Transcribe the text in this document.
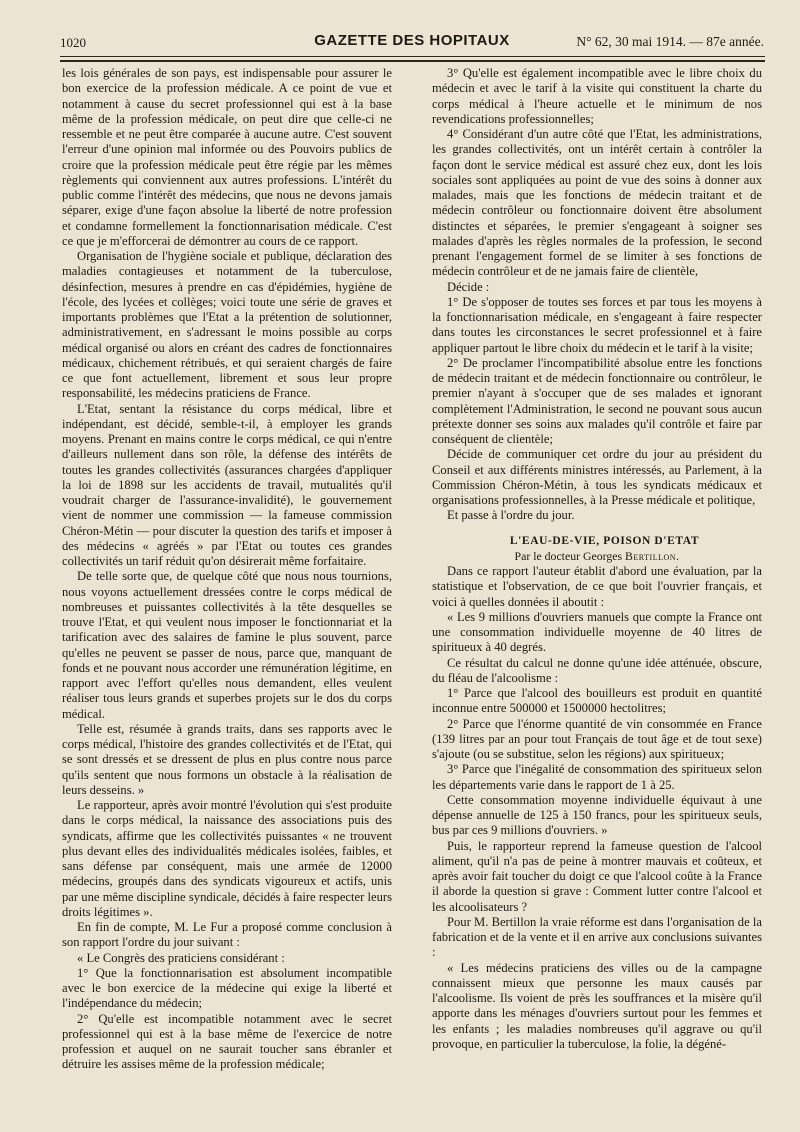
1020	GAZETTE DES HOPITAUX	N° 62, 30 mai 1914. — 87e année.

les lois générales de son pays, est indispensable pour assurer le bon exercice de la profession médicale. A ce point de vue et notamment à cause du secret professionnel qui est à la base même de la profession médicale, on peut dire que celle-ci ne ressemble et ne peut être comparée à aucune autre. C'est souvent l'erreur d'une opinion mal informée ou des Pouvoirs publics de croire que la profession médicale peut être régie par les mêmes règlements qui conviennent aux autres professions. L'intérêt du public comme l'intérêt des médecins, que nous ne devons jamais séparer, exige d'une façon absolue la liberté de notre profession et condamne formellement la fonctionnarisation médicale. C'est ce que je m'efforcerai de démontrer au cours de ce rapport.

Organisation de l'hygiène sociale et publique, déclaration des maladies contagieuses et notamment de la tuberculose, désinfection, mesures à prendre en cas d'épidémies, hygiène de l'école, des lycées et collèges; voici toute une série de graves et importants problèmes que l'Etat a la prétention de solutionner, administrativement, en s'adressant le moins possible au corps médical organisé ou alors en créant des cadres de fonctionnaires médicaux, chichement rétribués, et qui seraient chargés de faire ce que font actuellement, librement et sous leur propre responsabilité, les médecins praticiens de France.

L'Etat, sentant la résistance du corps médical, libre et indépendant, est décidé, semble-t-il, à employer les grands moyens. Prenant en mains contre le corps médical, ce qui n'entre d'ailleurs nullement dans son rôle, la défense des intérêts de toutes les grandes collectivités (assurances chargées d'appliquer la loi de 1898 sur les accidents de travail, mutualités qu'il voudrait charger de l'assurance-invalidité), le gouvernement vient de nommer une commission — la fameuse commission Chéron-Métin — pour discuter la question des tarifs et imposer à des médecins « agréés » par l'Etat ou toutes ces grandes collectivités un tarif réduit qu'on désirerait même forfaitaire.

De telle sorte que, de quelque côté que nous nous tournions, nous voyons actuellement dressées contre le corps médical de nombreuses et puissantes collectivités à la tête desquelles se trouve l'Etat, et qui veulent nous imposer le fonctionnariat et la tarification avec des salaires de famine le plus souvent, parce qu'elles ne peuvent se passer de nous, parce que, manquant de fonds et ne pouvant nous accorder une rémunération légitime, en rapport avec l'effort qu'elles nous demandent, elles veulent réaliser tous leurs grands et superbes projets sur le dos du corps médical.

Telle est, résumée à grands traits, dans ses rapports avec le corps médical, l'histoire des grandes collectivités et de l'Etat, qui se sont dressés et se dressent de plus en plus contre nous parce qu'ils sentent que nous formons un obstacle à la réalisation de leurs desseins. »

Le rapporteur, après avoir montré l'évolution qui s'est produite dans le corps médical, la naissance des associations puis des syndicats, affirme que les collectivités puissantes « ne trouvent plus devant elles des individualités médicales isolées, faibles, et sans défense par conséquent, mais une armée de 12000 médecins, groupés dans des syndicats vigoureux et actifs, unis par une même discipline syndicale, décidés à faire respecter leurs droits légitimes ».

En fin de compte, M. Le Fur a proposé comme conclusion à son rapport l'ordre du jour suivant :

« Le Congrès des praticiens considérant :

1° Que la fonctionnarisation est absolument incompatible avec le bon exercice de la médecine qui exige la liberté et l'indépendance du médecin;

2° Qu'elle est incompatible notamment avec le secret professionnel qui est à la base même de l'exercice de notre profession et auquel on ne saurait toucher sans ébranler et détruire les assises même de la profession médicale;

3° Qu'elle est également incompatible avec le libre choix du médecin et avec le tarif à la visite qui constituent la charte du corps médical à l'heure actuelle et le minimum de nos revendications professionnelles;

4° Considérant d'un autre côté que l'Etat, les administrations, les grandes collectivités, ont un intérêt certain à contrôler la façon dont le service médical est assuré chez eux, dont les lois sociales sont appliquées au point de vue des soins à donner aux malades, mais que les fonctions de médecin traitant et de médecin contrôleur ou fonctionnaire doivent être absolument distinctes et séparées, le premier s'engageant à soigner ses malades d'après les règles normales de la profession, le second prenant l'engagement formel de se limiter à ses fonctions de médecin contrôleur et de ne jamais faire de clientèle,

Décide :

1° De s'opposer de toutes ses forces et par tous les moyens à la fonctionnarisation médicale, en s'engageant à faire respecter dans toutes les circonstances le secret professionnel et à faire appliquer partout le libre choix du médecin et le tarif à la visite;

2° De proclamer l'incompatibilité absolue entre les fonctions de médecin traitant et de médecin fonctionnaire ou contrôleur, le premier n'ayant à s'occuper que de ses malades et ignorant complètement l'Administration, le second ne pouvant sous aucun prétexte donner ses soins aux malades qu'il contrôle et faire par conséquent de clientèle;

Décide de communiquer cet ordre du jour au président du Conseil et aux différents ministres intéressés, au Parlement, à la Commission Chéron-Métin, à tous les syndicats médicaux et organisations professionnelles, à la Presse médicale et politique,

Et passe à l'ordre du jour.

L'EAU-DE-VIE, POISON D'ETAT

Par le docteur Georges Bertillon.

Dans ce rapport l'auteur établit d'abord une évaluation, par la statistique et l'observation, de ce que boit l'ouvrier français, et voici à quelles données il aboutit :

« Les 9 millions d'ouvriers manuels que compte la France ont une consommation individuelle moyenne de 40 litres de spiritueux à 40 degrés.

Ce résultat du calcul ne donne qu'une idée atténuée, obscure, du fléau de l'alcoolisme :

1° Parce que l'alcool des bouilleurs est produit en quantité inconnue entre 500000 et 1500000 hectolitres;

2° Parce que l'énorme quantité de vin consommée en France (139 litres par an pour tout Français de tout âge et de tout sexe) s'ajoute (ou se substitue, selon les régions) aux spiritueux;

3° Parce que l'inégalité de consommation des spiritueux selon les départements varie dans le rapport de 1 à 25.

Cette consommation moyenne individuelle équivaut à une dépense annuelle de 125 à 150 francs, pour les spiritueux seuls, bus par ces 9 millions d'ouvriers. »

Puis, le rapporteur reprend la fameuse question de l'alcool aliment, qu'il n'a pas de peine à montrer mauvais et coûteux, et après avoir fait toucher du doigt ce que l'alcool coûte à la France il aborde la question si grave : Comment lutter contre l'alcool et les alcoolisateurs ?

Pour M. Bertillon la vraie réforme est dans l'organisation de la fabrication et de la vente et il en arrive aux conclusions suivantes :

« Les médecins praticiens des villes ou de la campagne connaissent mieux que personne les maux causés par l'alcoolisme. Ils voient de près les souffrances et la misère qu'il apporte dans les ménages d'ouvriers surtout pour les femmes et les enfants ; les maladies nombreuses qu'il aggrave ou qu'il provoque, en particulier la tuberculose, la folie, la dégéné-
